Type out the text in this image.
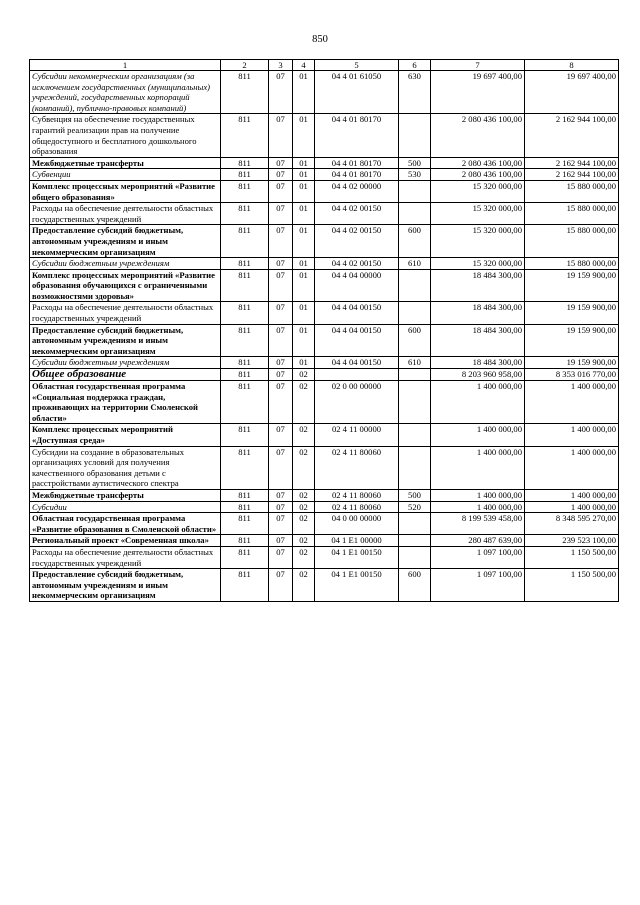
850
1	2	3	4	5	6	7	8
Субсидии некоммерческим организациям (за исключением государственных (муниципальных) учреждений, государственных корпораций (компаний), публично-правовых компаний)	811	07	01	04 4 01 61050	630	19 697 400,00	19 697 400,00
Субвенция на обеспечение государственных гарантий реализации прав на получение общедоступного и бесплатного дошкольного образования	811	07	01	04 4 01 80170		2 080 436 100,00	2 162 944 100,00
Межбюджетные трансферты	811	07	01	04 4 01 80170	500	2 080 436 100,00	2 162 944 100,00
Субвенции	811	07	01	04 4 01 80170	530	2 080 436 100,00	2 162 944 100,00
Комплекс процессных мероприятий «Развитие общего образования»	811	07	01	04 4 02 00000		15 320 000,00	15 880 000,00
Расходы на обеспечение деятельности областных государственных учреждений	811	07	01	04 4 02 00150		15 320 000,00	15 880 000,00
Предоставление субсидий бюджетным, автономным учреждениям и иным некоммерческим организациям	811	07	01	04 4 02 00150	600	15 320 000,00	15 880 000,00
Субсидии бюджетным учреждениям	811	07	01	04 4 02 00150	610	15 320 000,00	15 880 000,00
Комплекс процессных мероприятий «Развитие образования обучающихся с ограниченными возможностями здоровья»	811	07	01	04 4 04 00000		18 484 300,00	19 159 900,00
Расходы на обеспечение деятельности областных государственных учреждений	811	07	01	04 4 04 00150		18 484 300,00	19 159 900,00
Предоставление субсидий бюджетным, автономным учреждениям и иным некоммерческим организациям	811	07	01	04 4 04 00150	600	18 484 300,00	19 159 900,00
Субсидии бюджетным учреждениям	811	07	01	04 4 04 00150	610	18 484 300,00	19 159 900,00
Общее образование	811	07	02			8 203 960 958,00	8 353 016 770,00
Областная государственная программа «Социальная поддержка граждан, проживающих на территории Смоленской области»	811	07	02	02 0 00 00000		1 400 000,00	1 400 000,00
Комплекс процессных мероприятий «Доступная среда»	811	07	02	02 4 11 00000		1 400 000,00	1 400 000,00
Субсидии на создание в образовательных организациях условий для получения качественного образования детьми с расстройствами аутистического спектра	811	07	02	02 4 11 80060		1 400 000,00	1 400 000,00
Межбюджетные трансферты	811	07	02	02 4 11 80060	500	1 400 000,00	1 400 000,00
Субсидии	811	07	02	02 4 11 80060	520	1 400 000,00	1 400 000,00
Областная государственная программа «Развитие образования в Смоленской области»	811	07	02	04 0 00 00000		8 199 539 458,00	8 348 595 270,00
Региональный проект «Современная школа»	811	07	02	04 1 E1 00000		280 487 639,00	239 523 100,00
Расходы на обеспечение деятельности областных государственных учреждений	811	07	02	04 1 E1 00150		1 097 100,00	1 150 500,00
Предоставление субсидий бюджетным, автономным учреждениям и иным некоммерческим организациям	811	07	02	04 1 E1 00150	600	1 097 100,00	1 150 500,00
